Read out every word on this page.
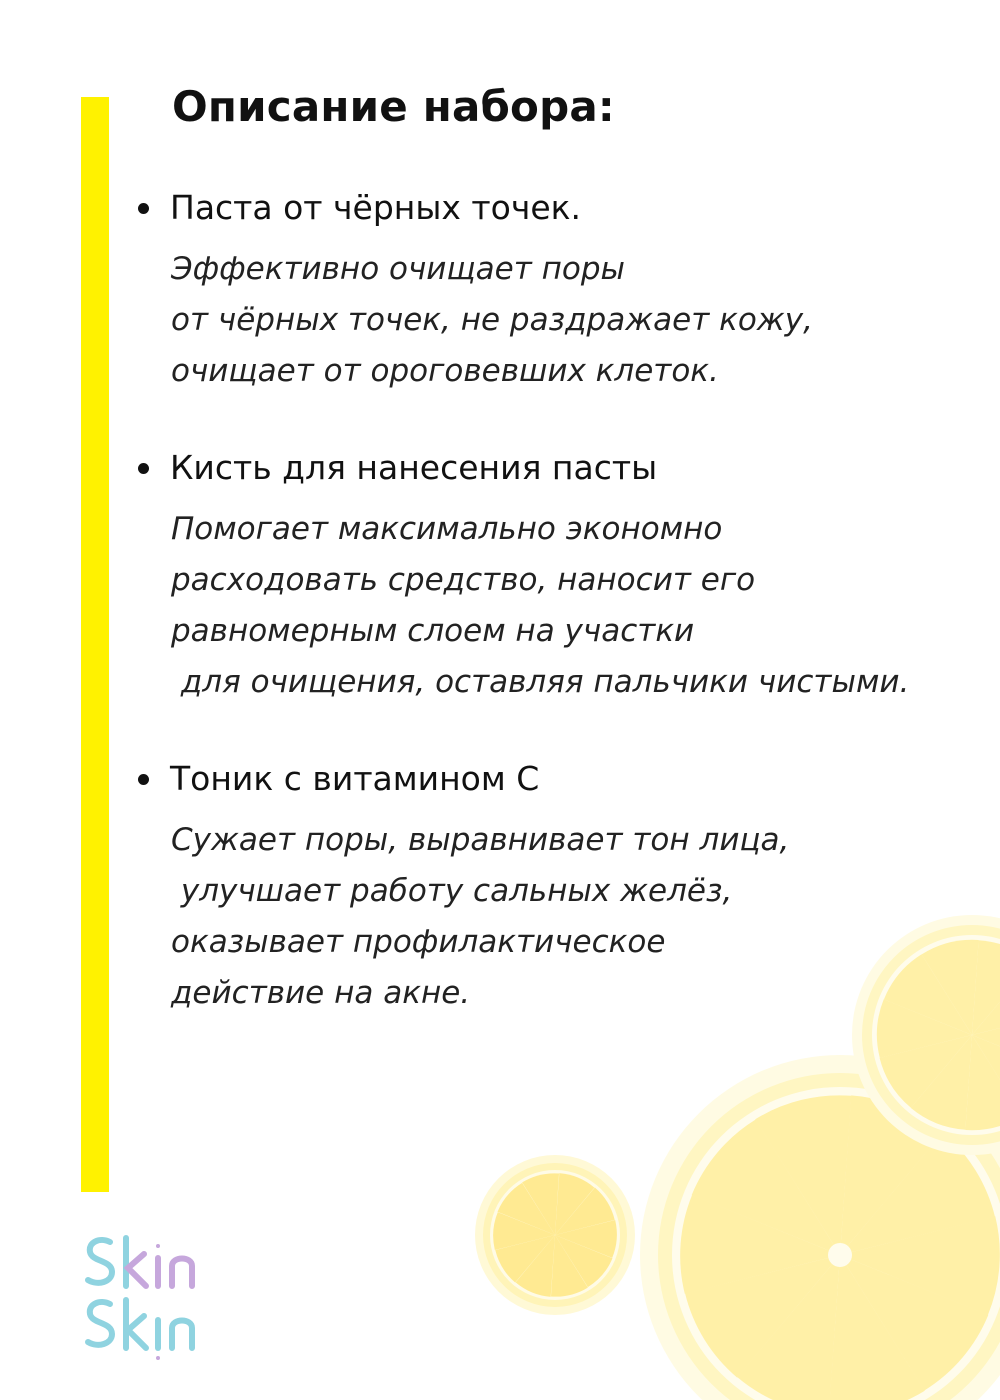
Описание набора:
Паста от чёрных точек.
Эффективно очищает поры
от чёрных точек, не раздражает кожу,
очищает от ороговевших клеток.
Кисть для нанесения пасты
Помогает максимально экономно
расходовать средство, наносит его
равномерным слоем на участки
для очищения, оставляя пальчики чистыми.
Тоник с витамином С
Сужает поры, выравнивает тон лица,
улучшает работу сальных желёз,
оказывает профилактическое
действие на акне.
